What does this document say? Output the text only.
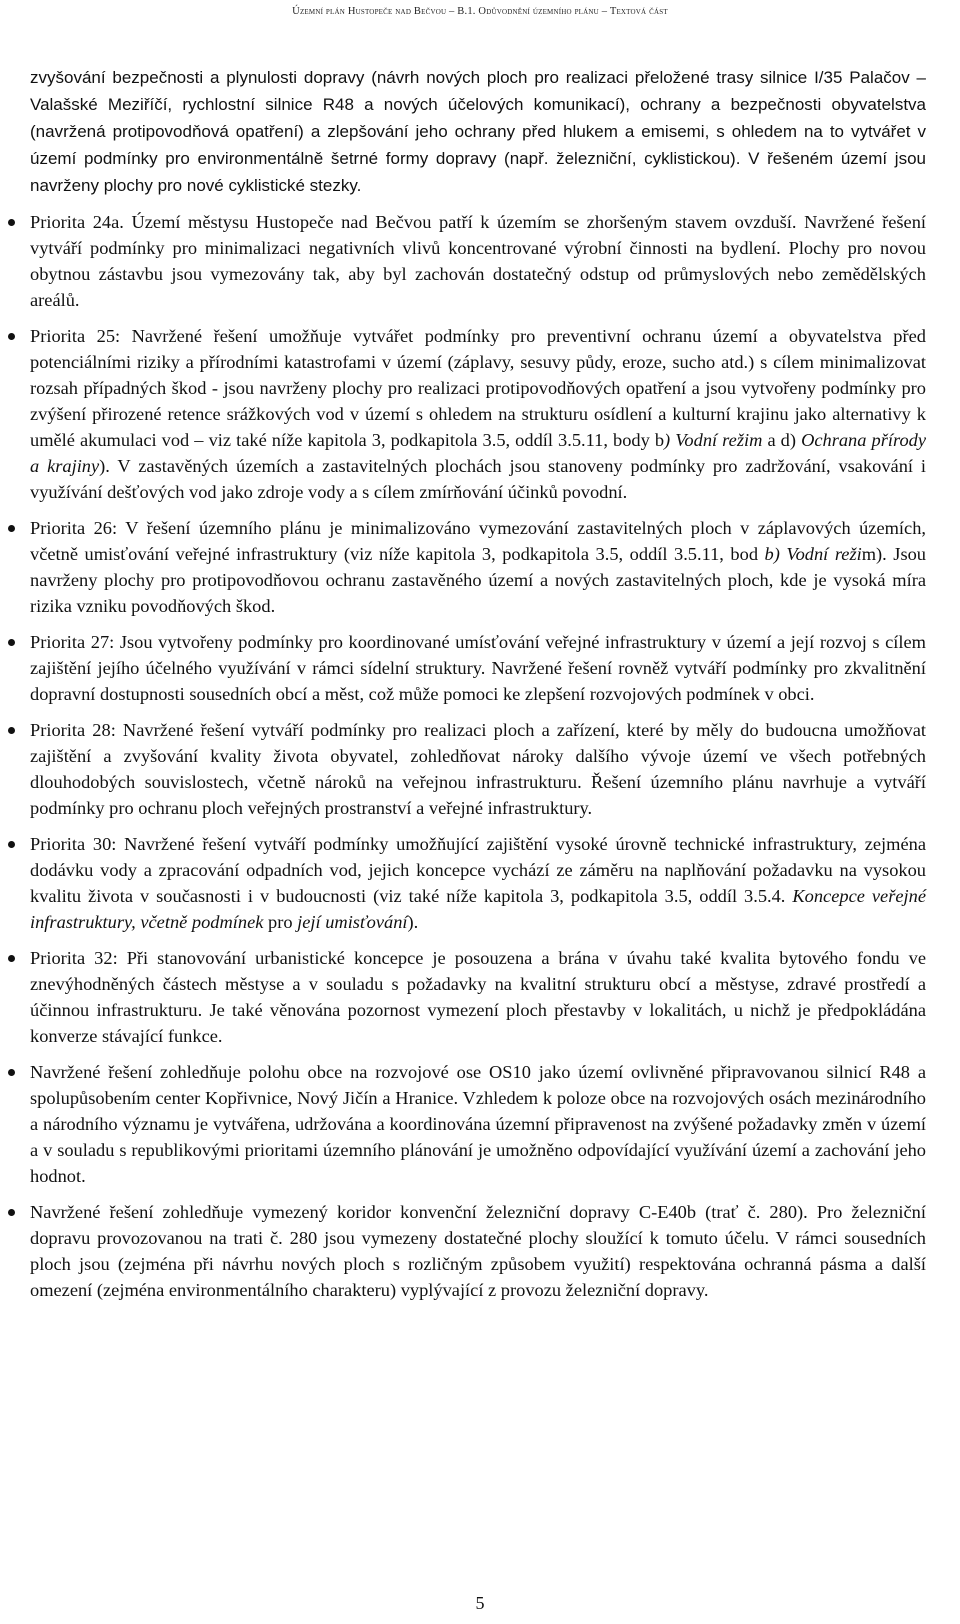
Územní plán Hustopeče nad Bečvou – B.1. Odůvodnění územního plánu – Textová část

zvyšování bezpečnosti a plynulosti dopravy (návrh nových ploch pro realizaci přeložené trasy silnice I/35 Palačov – Valašské Meziříčí, rychlostní silnice R48 a nových účelových komunikací), ochrany a bezpečnosti obyvatelstva (navržená protipovodňová opatření) a zlepšování jeho ochrany před hlukem a emisemi, s ohledem na to vytvářet v území podmínky pro environmentálně šetrné formy dopravy (např. železniční, cyklistickou). V řešeném území jsou navrženy plochy pro nové cyklistické stezky.

Priorita 24a. Území městysu Hustopeče nad Bečvou patří k územím se zhoršeným stavem ovzduší. Navržené řešení vytváří podmínky pro minimalizaci negativních vlivů koncentrované výrobní činnosti na bydlení. Plochy pro novou obytnou zástavbu jsou vymezovány tak, aby byl zachován dostatečný odstup od průmyslových nebo zemědělských areálů.
Priorita 25: Navržené řešení umožňuje vytvářet podmínky pro preventivní ochranu území a obyvatelstva před potenciálními riziky a přírodními katastrofami v území (záplavy, sesuvy půdy, eroze, sucho atd.) s cílem minimalizovat rozsah případných škod - jsou navrženy plochy pro realizaci protipovodňových opatření a jsou vytvořeny podmínky pro zvýšení přirozené retence srážkových vod v území s ohledem na strukturu osídlení a kulturní krajinu jako alternativy k umělé akumulaci vod – viz také níže kapitola 3, podkapitola 3.5, oddíl 3.5.11, body b) Vodní režim a d) Ochrana přírody a krajiny). V zastavěných územích a zastavitelných plochách jsou stanoveny podmínky pro zadržování, vsakování i využívání dešťových vod jako zdroje vody a s cílem zmírňování účinků povodní.
Priorita 26: V řešení územního plánu je minimalizováno vymezování zastavitelných ploch v záplavových územích, včetně umisťování veřejné infrastruktury (viz níže kapitola 3, podkapitola 3.5, oddíl 3.5.11, bod b) Vodní režim). Jsou navrženy plochy pro protipovodňovou ochranu zastavěného území a nových zastavitelných ploch, kde je vysoká míra rizika vzniku povodňových škod.
Priorita 27: Jsou vytvořeny podmínky pro koordinované umísťování veřejné infrastruktury v území a její rozvoj s cílem zajištění jejího účelného využívání v rámci sídelní struktury. Navržené řešení rovněž vytváří podmínky pro zkvalitnění dopravní dostupnosti sousedních obcí a měst, což může pomoci ke zlepšení rozvojových podmínek v obci.
Priorita 28: Navržené řešení vytváří podmínky pro realizaci ploch a zařízení, které by měly do budoucna umožňovat zajištění a zvyšování kvality života obyvatel, zohledňovat nároky dalšího vývoje území ve všech potřebných dlouhodobých souvislostech, včetně nároků na veřejnou infrastrukturu. Řešení územního plánu navrhuje a vytváří podmínky pro ochranu ploch veřejných prostranství a veřejné infrastruktury.
Priorita 30: Navržené řešení vytváří podmínky umožňující zajištění vysoké úrovně technické infrastruktury, zejména dodávku vody a zpracování odpadních vod, jejich koncepce vychází ze záměru na naplňování požadavku na vysokou kvalitu života v současnosti i v budoucnosti (viz také níže kapitola 3, podkapitola 3.5, oddíl 3.5.4. Koncepce veřejné infrastruktury, včetně podmínek pro její umisťování).
Priorita 32: Při stanovování urbanistické koncepce je posouzena a brána v úvahu také kvalita bytového fondu ve znevýhodněných částech městyse a v souladu s požadavky na kvalitní strukturu obcí a městyse, zdravé prostředí a účinnou infrastrukturu. Je také věnována pozornost vymezení ploch přestavby v lokalitách, u nichž je předpokládána konverze stávající funkce.
Navržené řešení zohledňuje polohu obce na rozvojové ose OS10 jako území ovlivněné připravovanou silnicí R48 a spolupůsobením center Kopřivnice, Nový Jičín a Hranice. Vzhledem k poloze obce na rozvojových osách mezinárodního a národního významu je vytvářena, udržována a koordinována územní připravenost na zvýšené požadavky změn v území a v souladu s republikovými prioritami územního plánování je umožněno odpovídající využívání území a zachování jeho hodnot.
Navržené řešení zohledňuje vymezený koridor konvenční železniční dopravy C-E40b (trať č. 280). Pro železniční dopravu provozovanou na trati č. 280 jsou vymezeny dostatečné plochy sloužící k tomuto účelu. V rámci sousedních ploch jsou (zejména při návrhu nových ploch s rozličným způsobem využití) respektována ochranná pásma a další omezení (zejména environmentálního charakteru) vyplývající z provozu železniční dopravy.
5
